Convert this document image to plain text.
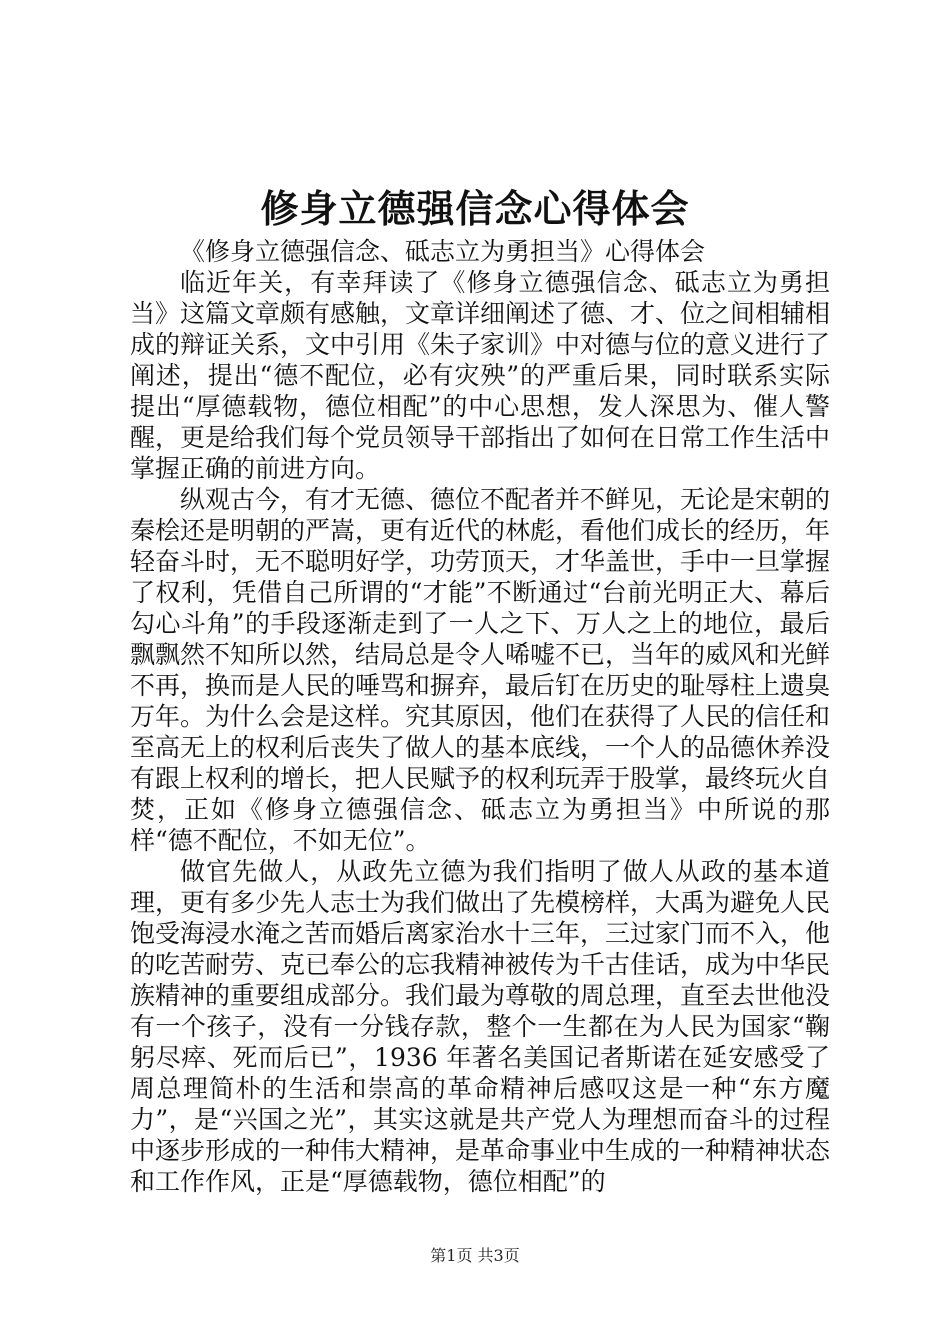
修身立德强信念心得体会

《修身立德强信念、砥志立为勇担当》心得体会

临近年关，有幸拜读了《修身立德强信念、砥志立为勇担当》这篇文章颇有感触，文章详细阐述了德、才、位之间相辅相成的辩证关系，文中引用《朱子家训》中对德与位的意义进行了阐述，提出“德不配位，必有灾殃”的严重后果，同时联系实际提出“厚德载物，德位相配”的中心思想，发人深思为、催人警醒，更是给我们每个党员领导干部指出了如何在日常工作生活中掌握正确的前进方向。

纵观古今，有才无德、德位不配者并不鲜见，无论是宋朝的秦桧还是明朝的严嵩，更有近代的林彪，看他们成长的经历，年轻奋斗时，无不聪明好学，功劳顶天，才华盖世，手中一旦掌握了权利，凭借自己所谓的“才能”不断通过“台前光明正大、幕后勾心斗角”的手段逐渐走到了一人之下、万人之上的地位，最后飘飘然不知所以然，结局总是令人唏嘘不已，当年的威风和光鲜不再，换而是人民的唾骂和摒弃，最后钉在历史的耻辱柱上遗臭万年。为什么会是这样。究其原因，他们在获得了人民的信任和至高无上的权利后丧失了做人的基本底线，一个人的品德休养没有跟上权利的增长，把人民赋予的权利玩弄于股掌，最终玩火自焚，正如《修身立德强信念、砥志立为勇担当》中所说的那样“德不配位，不如无位”。

做官先做人，从政先立德为我们指明了做人从政的基本道理，更有多少先人志士为我们做出了先模榜样，大禹为避免人民饱受海浸水淹之苦而婚后离家治水十三年，三过家门而不入，他的吃苦耐劳、克已奉公的忘我精神被传为千古佳话，成为中华民族精神的重要组成部分。我们最为尊敬的周总理，直至去世他没有一个孩子，没有一分钱存款，整个一生都在为人民为国家“鞠躬尽瘁、死而后已”，1936 年著名美国记者斯诺在延安感受了周总理简朴的生活和崇高的革命精神后感叹这是一种“东方魔力”，是“兴国之光”，其实这就是共产党人为理想而奋斗的过程中逐步形成的一种伟大精神，是革命事业中生成的一种精神状态和工作作风，正是“厚德载物，德位相配”的

第1页 共3页
